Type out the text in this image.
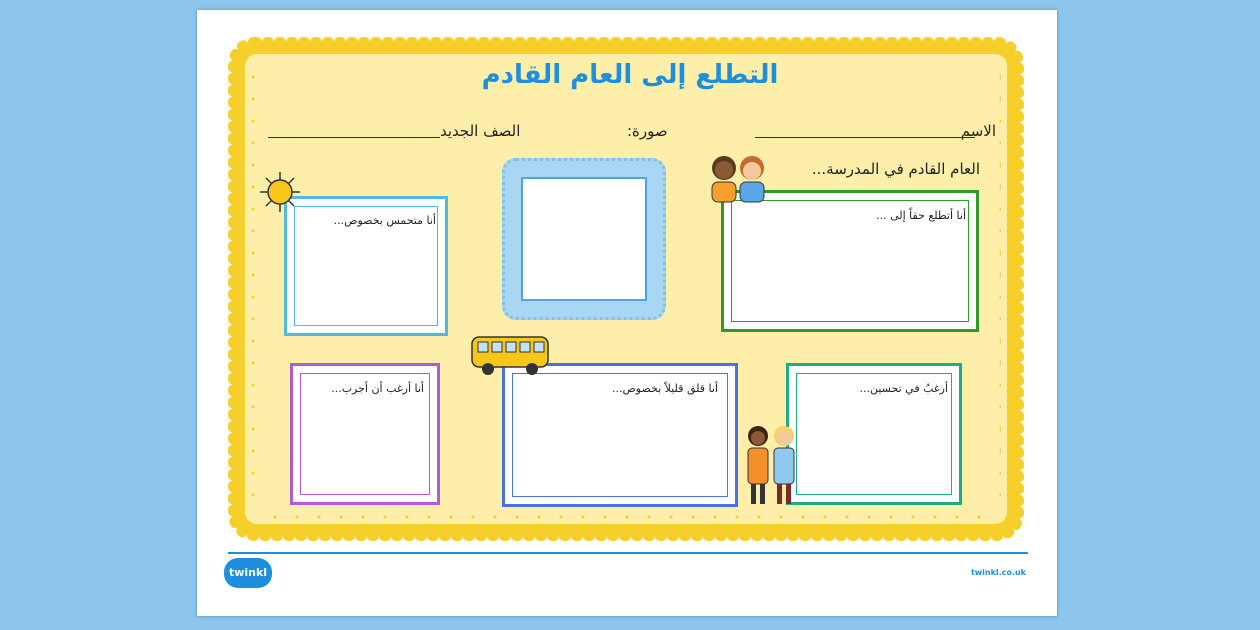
التطلع إلى العام القادم
الاسم
صورة:
الصف الجديد
العام القادم في المدرسة...
أنا أتطلع حقاً إلى ...
أنا متحمس بخصوص...
أنا أرغب أن أجرب...	أنا قلق قليلاً بخصوص...	أرغبُ في تحسين...
twinkl	twinkl.co.uk
